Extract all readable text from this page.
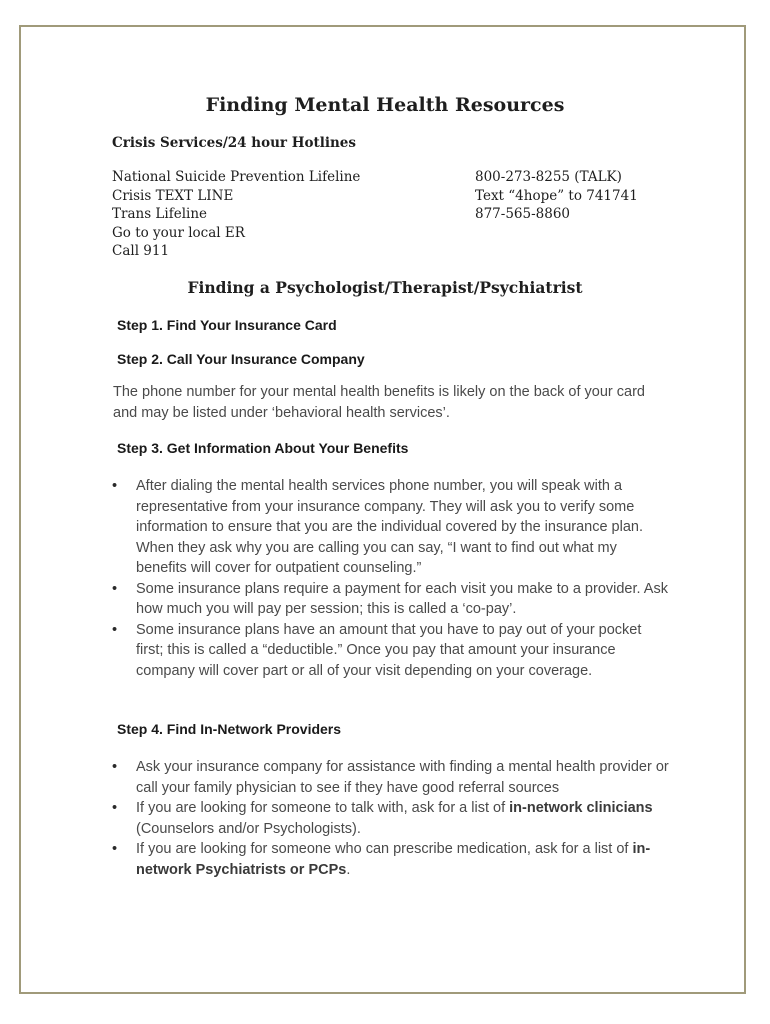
Finding Mental Health Resources
Crisis Services/24 hour Hotlines
National Suicide Prevention Lifeline	800-273-8255 (TALK)
Crisis TEXT LINE	Text “4hope” to 741741
Trans Lifeline	877-565-8860
Go to your local ER
Call 911
Finding a Psychologist/Therapist/Psychiatrist
Step 1. Find Your Insurance Card
Step 2. Call Your Insurance Company

The phone number for your mental health benefits is likely on the back of your card and may be listed under ‘behavioral health services’.

Step 3. Get Information About Your Benefits
• After dialing the mental health services phone number, you will speak with a representative from your insurance company. They will ask you to verify some information to ensure that you are the individual covered by the insurance plan. When they ask why you are calling you can say, “I want to find out what my benefits will cover for outpatient counseling.”
• Some insurance plans require a payment for each visit you make to a provider. Ask how much you will pay per session; this is called a ‘co-pay’.
• Some insurance plans have an amount that you have to pay out of your pocket first; this is called a “deductible.” Once you pay that amount your insurance company will cover part or all of your visit depending on your coverage.
Step 4. Find In-Network Providers
• Ask your insurance company for assistance with finding a mental health provider or call your family physician to see if they have good referral sources
• If you are looking for someone to talk with, ask for a list of in-network clinicians (Counselors and/or Psychologists).
• If you are looking for someone who can prescribe medication, ask for a list of in-network Psychiatrists or PCPs.
